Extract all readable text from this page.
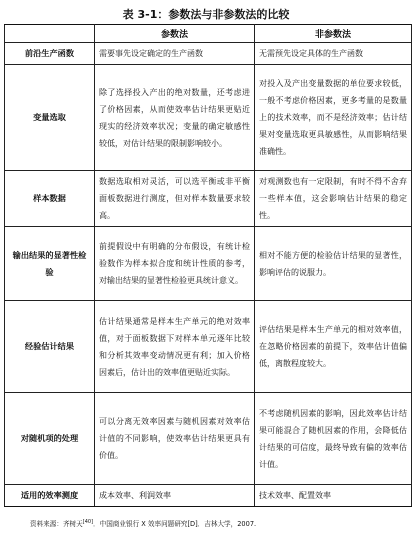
表 3-1：参数法与非参数法的比较
	参数法	非参数法
前沿生产函数	需要事先设定确定的生产函数	无需预先设定具体的生产函数
变量选取	除了选择投入产出的绝对数量，还考虑进了价格因素，从而使效率估计结果更贴近现实的经济效率状况；变量的确定敏感性较低，对估计结果的限制影响较小。	对投入及产出变量数据的单位要求较低，一般不考虑价格因素，更多考量的是数量上的技术效率，而不是经济效率；估计结果对变量选取更具敏感性，从而影响结果准确性。
样本数据	数据选取相对灵活，可以选平衡或非平衡面板数据进行测度，但对样本数量要求较高。	对观测数也有一定限制，有时不得不舍弃一些样本值，这会影响估计结果的稳定性。
输出结果的显著性检验	前提假设中有明确的分布假设，有统计检验数作为样本拟合度和统计性质的参考，对输出结果的显著性检验更具统计意义。	相对不能方便的检验估计结果的显著性，影响评估的说服力。
经验估计结果	估计结果通常是样本生产单元的绝对效率值，对于面板数据下对样本单元逐年比较和分析其效率变动情况更有利；加入价格因素后，估计出的效率值更贴近实际。	评估结果是样本生产单元的相对效率值，在忽略价格因素的前提下，效率估计值偏低，离散程度较大。
对随机项的处理	可以分离无效率因素与随机因素对效率估计值的不同影响，使效率估计结果更具有价值。	不考虑随机因素的影响，因此效率估计结果可能混合了随机因素的作用，会降低估计结果的可信度，最终导致有偏的效率估计值。
适用的效率测度	成本效率、利润效率	技术效率、配置效率
资料来源：齐树天[40]．中国商业银行 X 效率问题研究[D]．吉林大学，2007.
